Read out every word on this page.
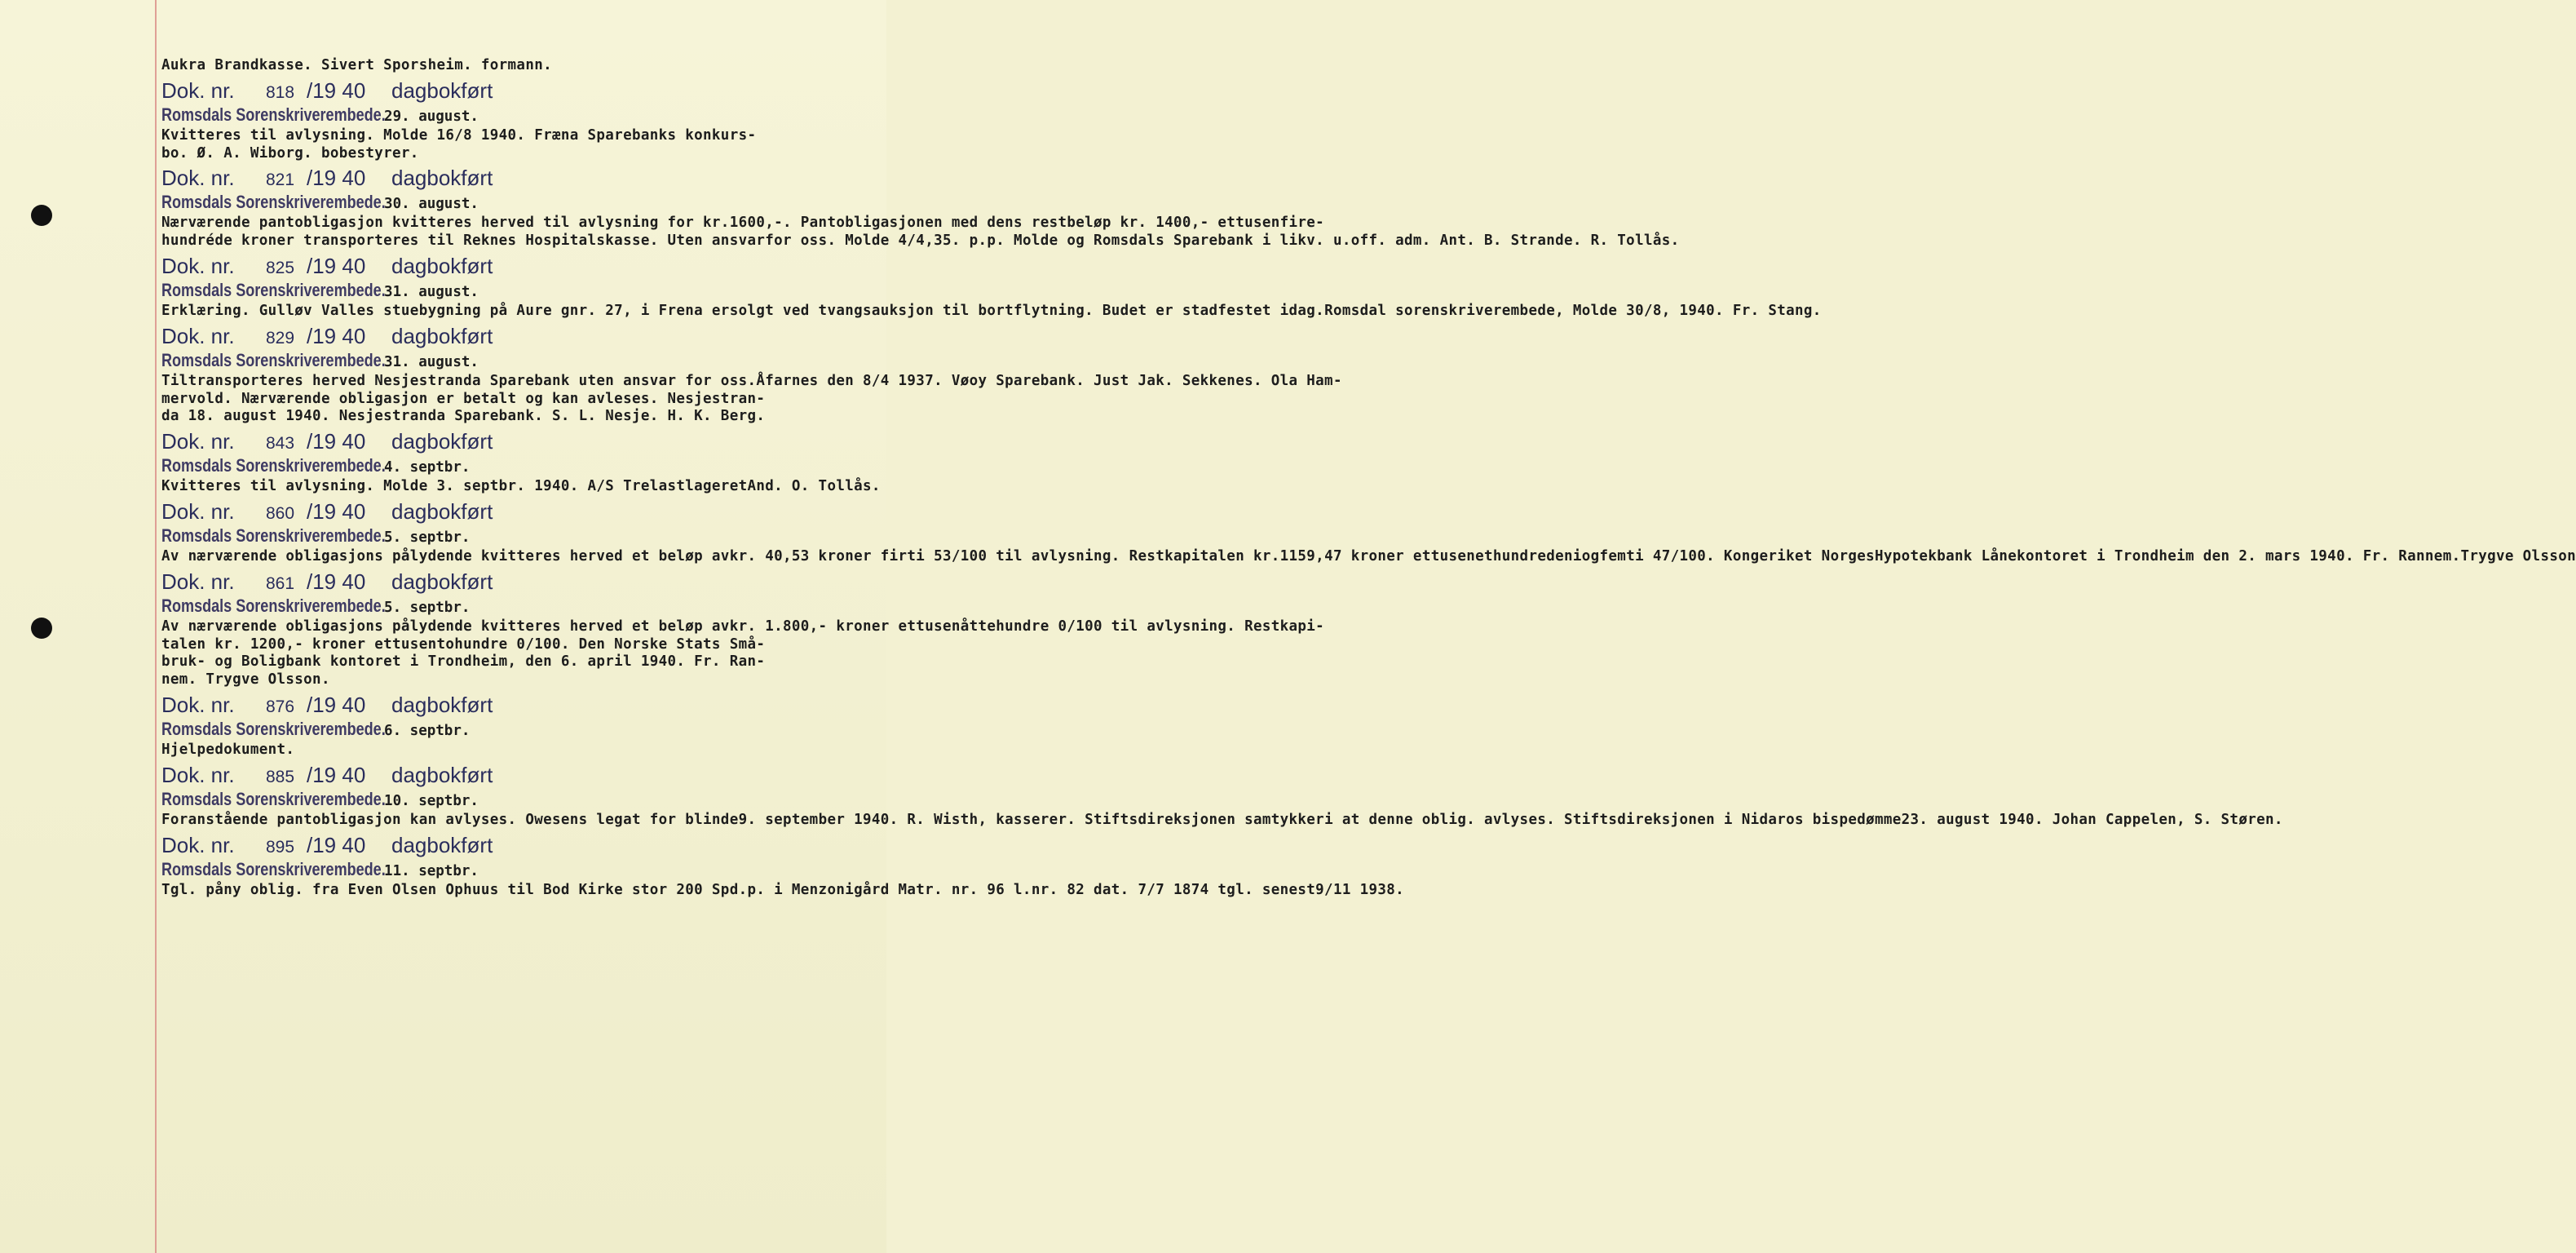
Aukra Brandkasse. Sivert Sporsheim. formann.
Dok. nr.	818 /19 40	dagbokført
Romsdals Sorenskriverembede.
29. august.
Kvitteres til avlysning. Molde 16/8 1940. Fræna Sparebanks konkurs-bo. Ø. A. Wiborg. bobestyrer.
Dok. nr.	821 /19 40	dagbokført
Romsdals Sorenskriverembede.
30. august.
Nærværende pantobligasjon kvitteres herved til avlysning for kr.1600,-. Pantobligasjonen med dens restbeløp kr. 1400,- ettusenfire-hundréde kroner transporteres til Reknes Hospitalskasse. Uten ansvarfor oss. Molde 4/4,35. p.p. Molde og Romsdals Sparebank i likv. u.off. adm. Ant. B. Strande. R. Tollås.
Dok. nr.	825 /19 40	dagbokført
Romsdals Sorenskriverembede.
31. august.
Erklæring. Gulløv Valles stuebygning på Aure gnr. 27, i Frena ersolgt ved tvangsauksjon til bortflytning. Budet er stadfestet idag.Romsdal sorenskriverembede, Molde 30/8, 1940. Fr. Stang.
Dok. nr.	829 /19 40	dagbokført
Romsdals Sorenskriverembede.
31. august.
Tiltransporteres herved Nesjestranda Sparebank uten ansvar for oss.Åfarnes den 8/4 1937. Vøoy Sparebank. Just Jak. Sekkenes. Ola Ham-mervold. Nærværende obligasjon er betalt og kan avleses. Nesjestran-da 18. august 1940. Nesjestranda Sparebank. S. L. Nesje. H. K. Berg.
Dok. nr.	843 /19 40	dagbokført
Romsdals Sorenskriverembede.
4. septbr.
Kvitteres til avlysning. Molde 3. septbr. 1940. A/S TrelastlageretAnd. O. Tollås.
Dok. nr.	860 /19 40	dagbokført
Romsdals Sorenskriverembede.
5. septbr.
Av nærværende obligasjons pålydende kvitteres herved et beløp avkr. 40,53 kroner firti 53/100 til avlysning. Restkapitalen kr.1159,47 kroner ettusenethundredeniogfemti 47/100. Kongeriket NorgesHypotekbank Lånekontoret i Trondheim den 2. mars 1940. Fr. Rannem.Trygve Olsson
Dok. nr.	861 /19 40	dagbokført
Romsdals Sorenskriverembede.
5. septbr.
Av nærværende obligasjons pålydende kvitteres herved et beløp avkr. 1.800,- kroner ettusenåttehundre 0/100 til avlysning. Restkapi-talen kr. 1200,- kroner ettusentohundre 0/100. Den Norske Stats Små-bruk- og Boligbank kontoret i Trondheim, den 6. april 1940. Fr. Ran-nem. Trygve Olsson.
Dok. nr.	876 /19 40	dagbokført
Romsdals Sorenskriverembede.
6. septbr.
Hjelpedokument.
Dok. nr.	885 /19 40	dagbokført
Romsdals Sorenskriverembede.
10. septbr.
Foranstående pantobligasjon kan avlyses. Owesens legat for blinde9. september 1940. R. Wisth, kasserer. Stiftsdireksjonen samtykkeri at denne oblig. avlyses. Stiftsdireksjonen i Nidaros bispedømme23. august 1940. Johan Cappelen, S. Støren.
Dok. nr.	895 /19 40	dagbokført
Romsdals Sorenskriverembede.
11. septbr.
Tgl. påny oblig. fra Even Olsen Ophuus til Bod Kirke stor 200 Spd.p. i Menzonigård Matr. nr. 96 l.nr. 82 dat. 7/7 1874 tgl. senest9/11 1938.
